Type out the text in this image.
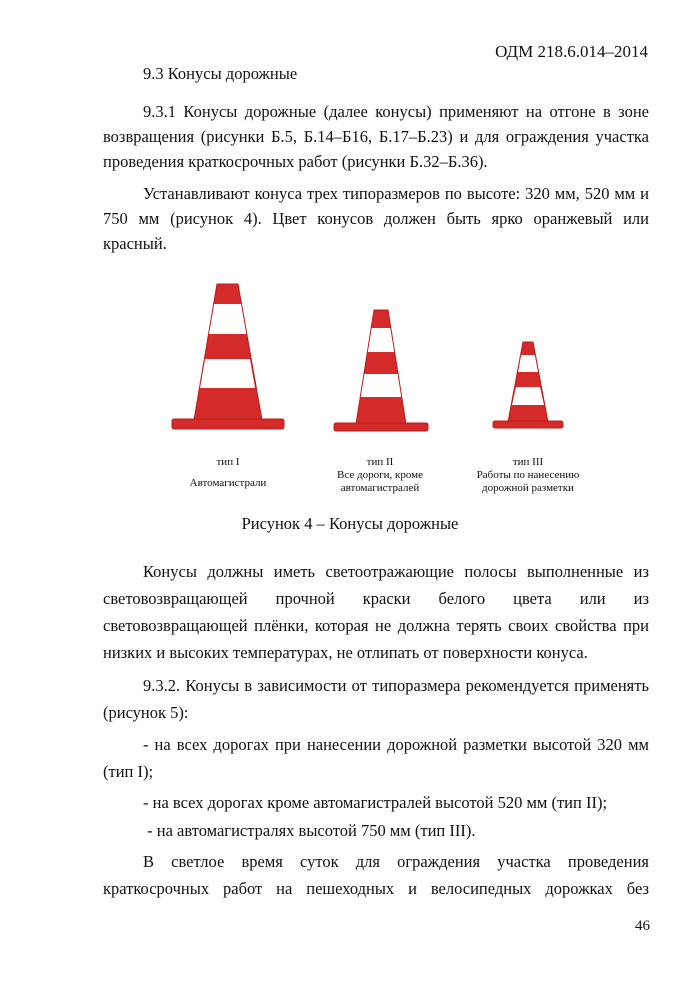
ОДМ 218.6.014–2014
9.3 Конусы дорожные
9.3.1 Конусы дорожные (далее конусы) применяют на отгоне в зоне
возвращения (рисунки Б.5, Б.14–Б16, Б.17–Б.23) и для ограждения участка
проведения краткосрочных работ (рисунки Б.32–Б.36).
Устанавливают конуса трех типоразмеров по высоте: 320 мм, 520 мм и
750 мм (рисунок 4). Цвет конусов должен быть ярко оранжевый или красный.
тип I
Автомагистрали
тип II
Все дороги, кроме
автомагистралей
тип III
Работы по нанесению
дорожной разметки
Рисунок 4 – Конусы дорожные
Конусы должны иметь светоотражающие полосы выполненные из
световозвращающей прочной краски белого цвета или из
световозвращающей плёнки, которая не должна терять своих свойства при
низких и высоких температурах, не отлипать от поверхности конуса.
9.3.2. Конусы в зависимости от типоразмера рекомендуется применять
(рисунок 5):
- на всех дорогах при нанесении дорожной разметки высотой 320 мм
(тип I);
- на всех дорогах кроме автомагистралей высотой 520 мм (тип II);
- на автомагистралях высотой 750 мм (тип III).
В светлое время суток для ограждения участка проведения
краткосрочных работ на пешеходных и велосипедных дорожках без
46
